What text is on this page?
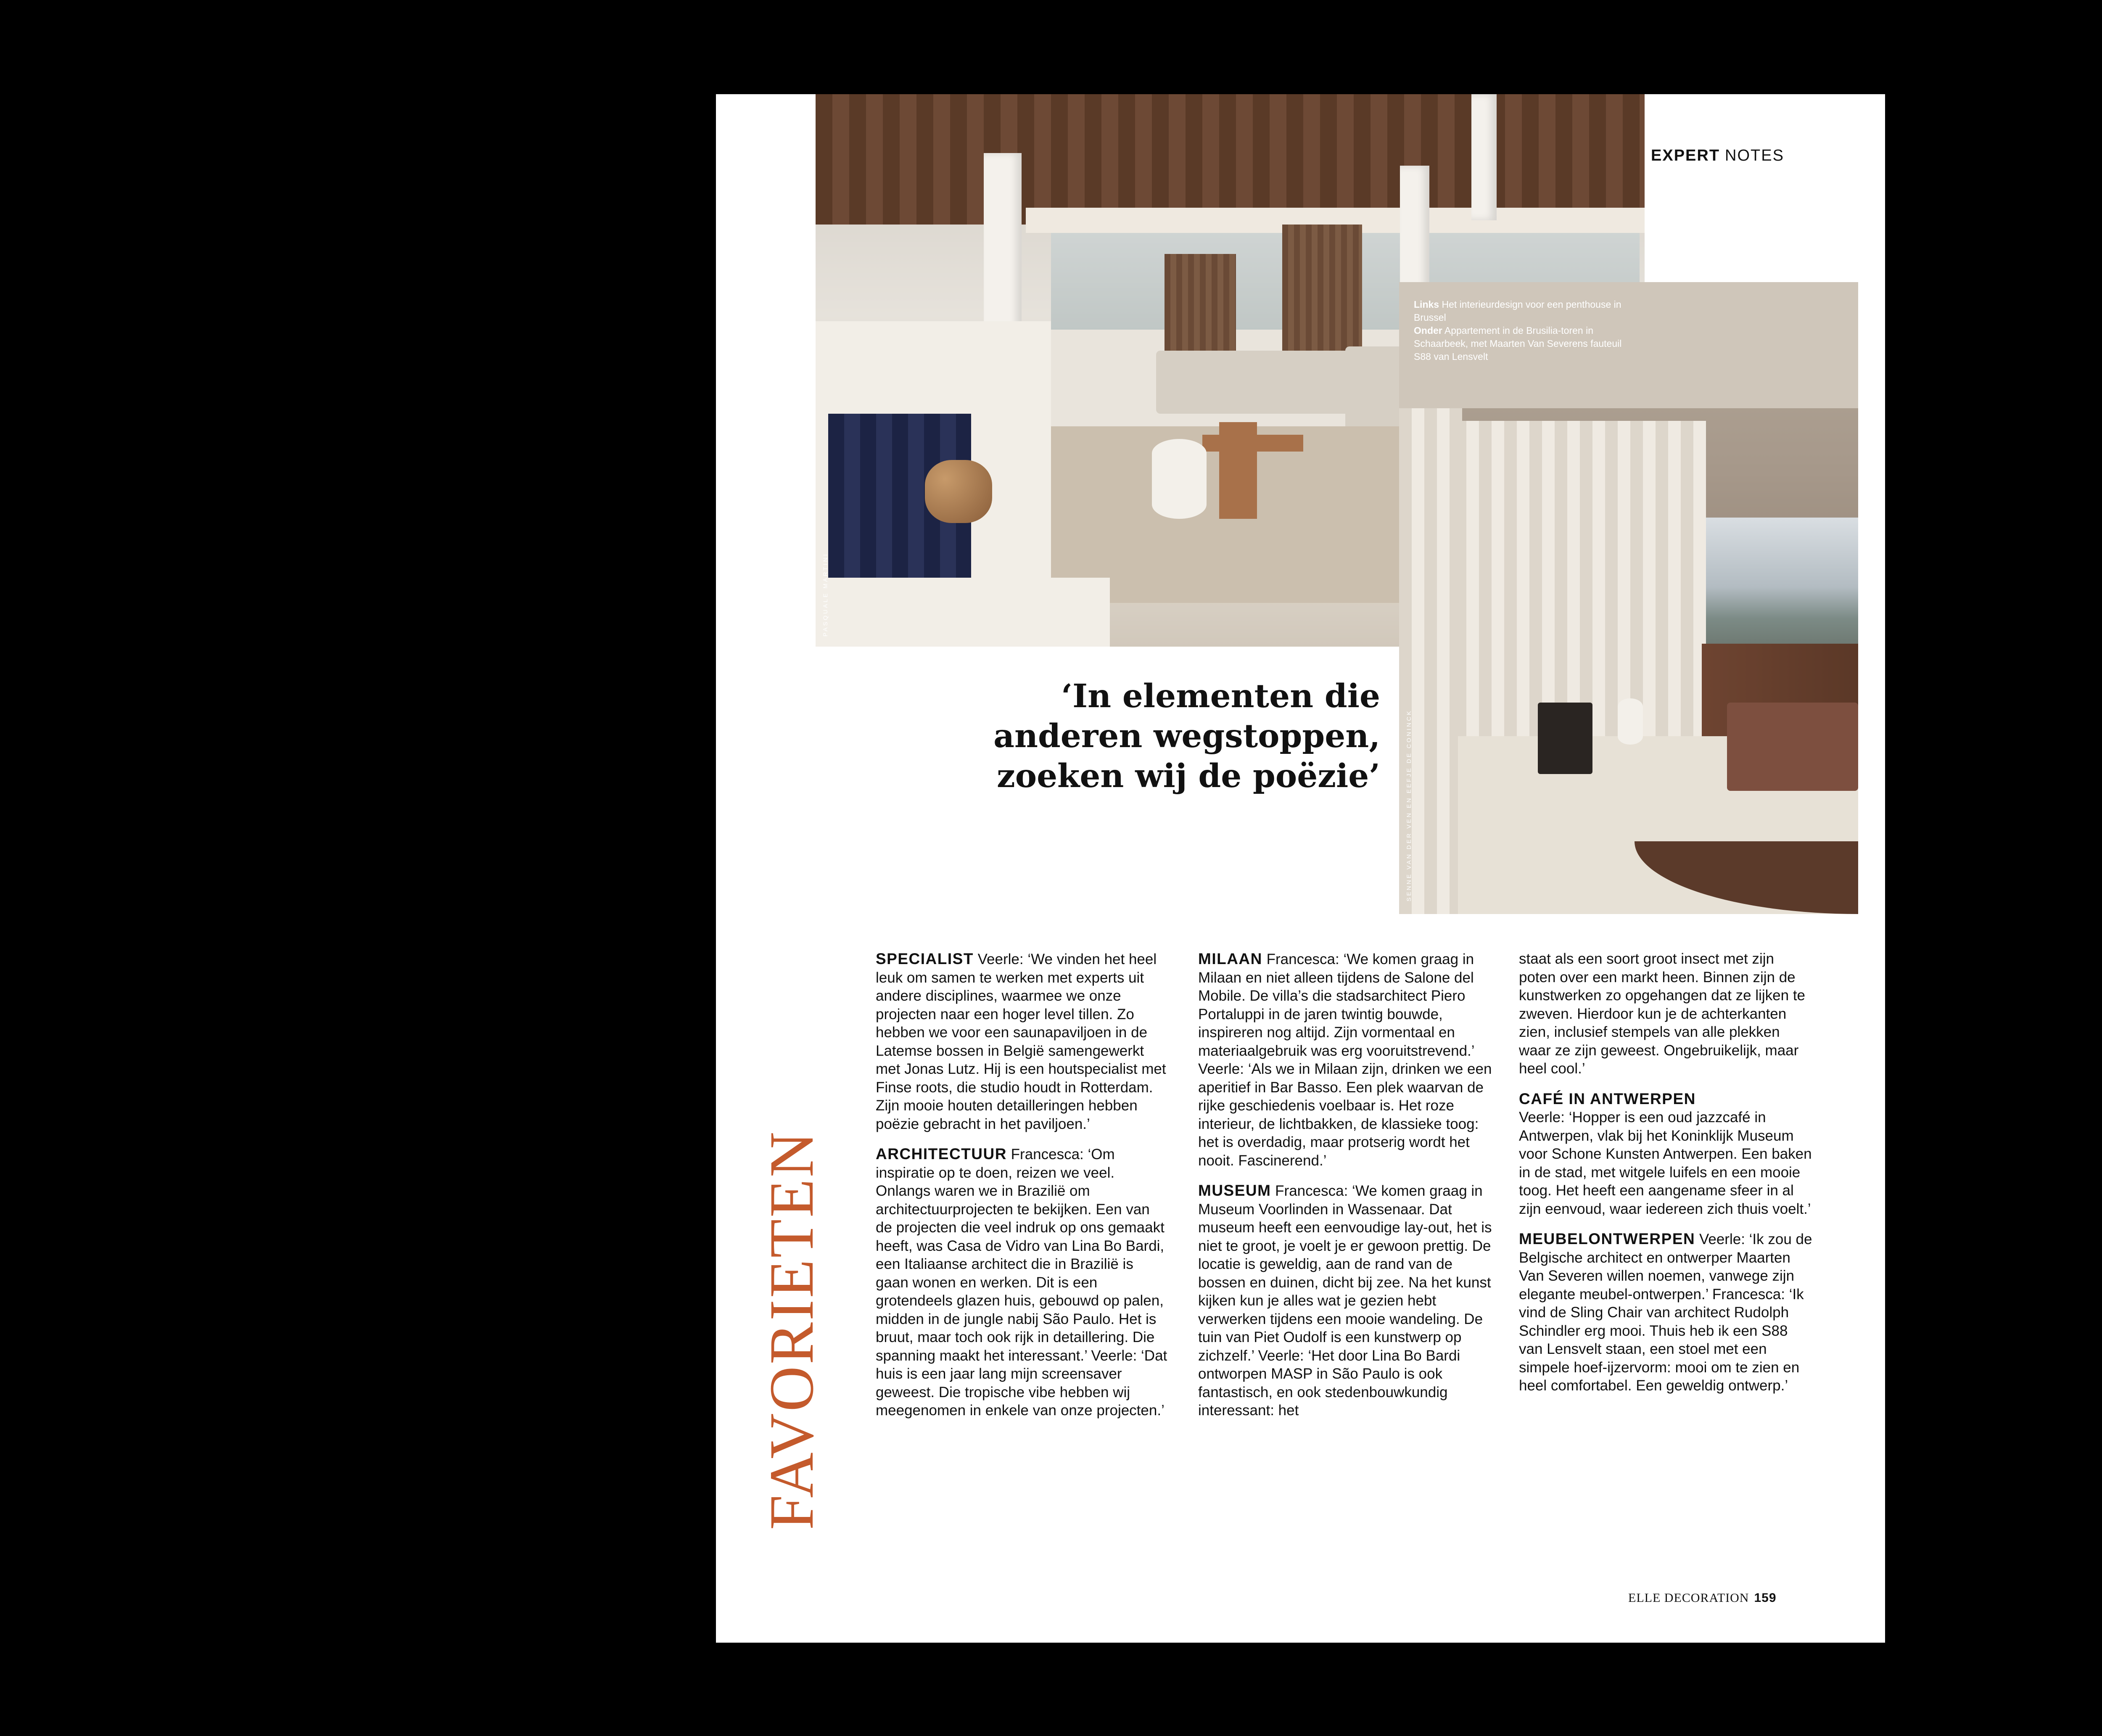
PASQUALE MARTINI
EXPERT NOTES
SENNE VAN DER VEN EN EEFJE DE CONINCK
Links Het interieurdesign voor een penthouse in Brussel
Onder Appartement in de Brusilia-toren in Schaarbeek, met Maarten Van Severens fauteuil S88 van Lensvelt
‘In elementen die
anderen wegstoppen,
zoeken wij de poëzie’
FAVORIETEN

SPECIALIST Veerle: ‘We vinden het heel leuk om samen te werken met experts uit andere disciplines, waarmee we onze projecten naar een hoger level tillen. Zo hebben we voor een saunapaviljoen in de Latemse bossen in België samengewerkt met Jonas Lutz. Hij is een houtspecialist met Finse roots, die studio houdt in Rotterdam. Zijn mooie houten detailleringen hebben poëzie gebracht in het paviljoen.’

ARCHITECTUUR Francesca: ‘Om inspiratie op te doen, reizen we veel. Onlangs waren we in Brazilië om architectuurprojecten te bekijken. Een van de projecten die veel indruk op ons gemaakt heeft, was Casa de Vidro van Lina Bo Bardi, een Italiaanse architect die in Brazilië is gaan wonen en werken. Dit is een grotendeels glazen huis, gebouwd op palen, midden in de jungle nabij São Paulo. Het is bruut, maar toch ook rijk in detaillering. Die spanning maakt het interessant.’ Veerle: ‘Dat huis is een jaar lang mijn screensaver geweest. Die tropische vibe hebben wij meegenomen in enkele van onze projecten.’

MILAAN Francesca: ‘We komen graag in Milaan en niet alleen tijdens de Salone del Mobile. De villa’s die stadsarchitect Piero Portaluppi in de jaren twintig bouwde, inspireren nog altijd. Zijn vormentaal en materiaalgebruik was erg vooruitstrevend.’ Veerle: ‘Als we in Milaan zijn, drinken we een aperitief in Bar Basso. Een plek waarvan de rijke geschiedenis voelbaar is. Het roze interieur, de lichtbakken, de klassieke toog: het is overdadig, maar protserig wordt het nooit. Fascinerend.’

MUSEUM Francesca: ‘We komen graag in Museum Voorlinden in Wassenaar. Dat museum heeft een eenvoudige lay-out, het is niet te groot, je voelt je er gewoon prettig. De locatie is geweldig, aan de rand van de bossen en duinen, dicht bij zee. Na het kunst kijken kun je alles wat je gezien hebt verwerken tijdens een mooie wandeling. De tuin van Piet Oudolf is een kunstwerp op zichzelf.’ Veerle: ‘Het door Lina Bo Bardi ontworpen MASP in São Paulo is ook fantastisch, en ook stedenbouwkundig interessant: het

staat als een soort groot insect met zijn poten over een markt heen. Binnen zijn de kunstwerken zo opgehangen dat ze lijken te zweven. Hierdoor kun je de achterkanten zien, inclusief stempels van alle plekken waar ze zijn geweest. Ongebruikelijk, maar heel cool.’

CAFÉ IN ANTWERPEN
Veerle: ‘Hopper is een oud jazzcafé in Antwerpen, vlak bij het Koninklijk Museum voor Schone Kunsten Antwerpen. Een baken in de stad, met witgele luifels en een mooie toog. Het heeft een aangename sfeer in al zijn eenvoud, waar iedereen zich thuis voelt.’

MEUBELONTWERPEN Veerle: ‘Ik zou de Belgische architect en ontwerper Maarten Van Severen willen noemen, vanwege zijn elegante meubel-ontwerpen.’ Francesca: ‘Ik vind de Sling Chair van architect Rudolph Schindler erg mooi. Thuis heb ik een S88 van Lensvelt staan, een stoel met een simpele hoef-ijzervorm: mooi om te zien en heel comfortabel. Een geweldig ontwerp.’

ELLE DECORATION 159
